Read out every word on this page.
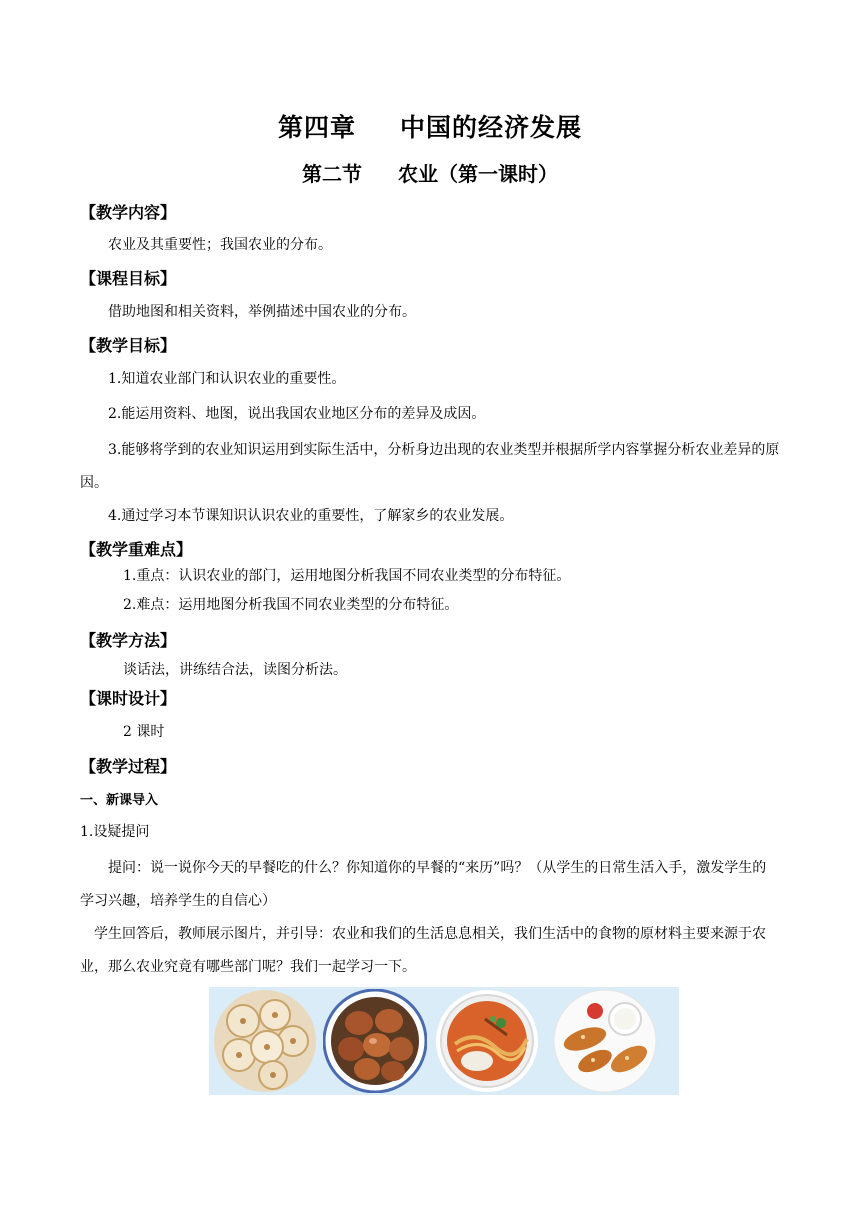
第四章 中国的经济发展
第二节 农业（第一课时）
【教学内容】
农业及其重要性；我国农业的分布。
【课程目标】
借助地图和相关资料，举例描述中国农业的分布。
【教学目标】
1.知道农业部门和认识农业的重要性。
2.能运用资料、地图，说出我国农业地区分布的差异及成因。
3.能够将学到的农业知识运用到实际生活中，分析身边出现的农业类型并根据所学内容掌握分析农业差异的原因。
4.通过学习本节课知识认识农业的重要性，了解家乡的农业发展。
【教学重难点】
1.重点：认识农业的部门，运用地图分析我国不同农业类型的分布特征。
2.难点：运用地图分析我国不同农业类型的分布特征。
【教学方法】
谈话法，讲练结合法，读图分析法。
【课时设计】
2 课时
【教学过程】
一、新课导入
1.设疑提问
提问：说一说你今天的早餐吃的什么？你知道你的早餐的“来历”吗？（从学生的日常生活入手，激发学生的学习兴趣，培养学生的自信心）
学生回答后，教师展示图片，并引导：农业和我们的生活息息相关，我们生活中的食物的原材料主要来源于农业，那么农业究竟有哪些部门呢？我们一起学习一下。
